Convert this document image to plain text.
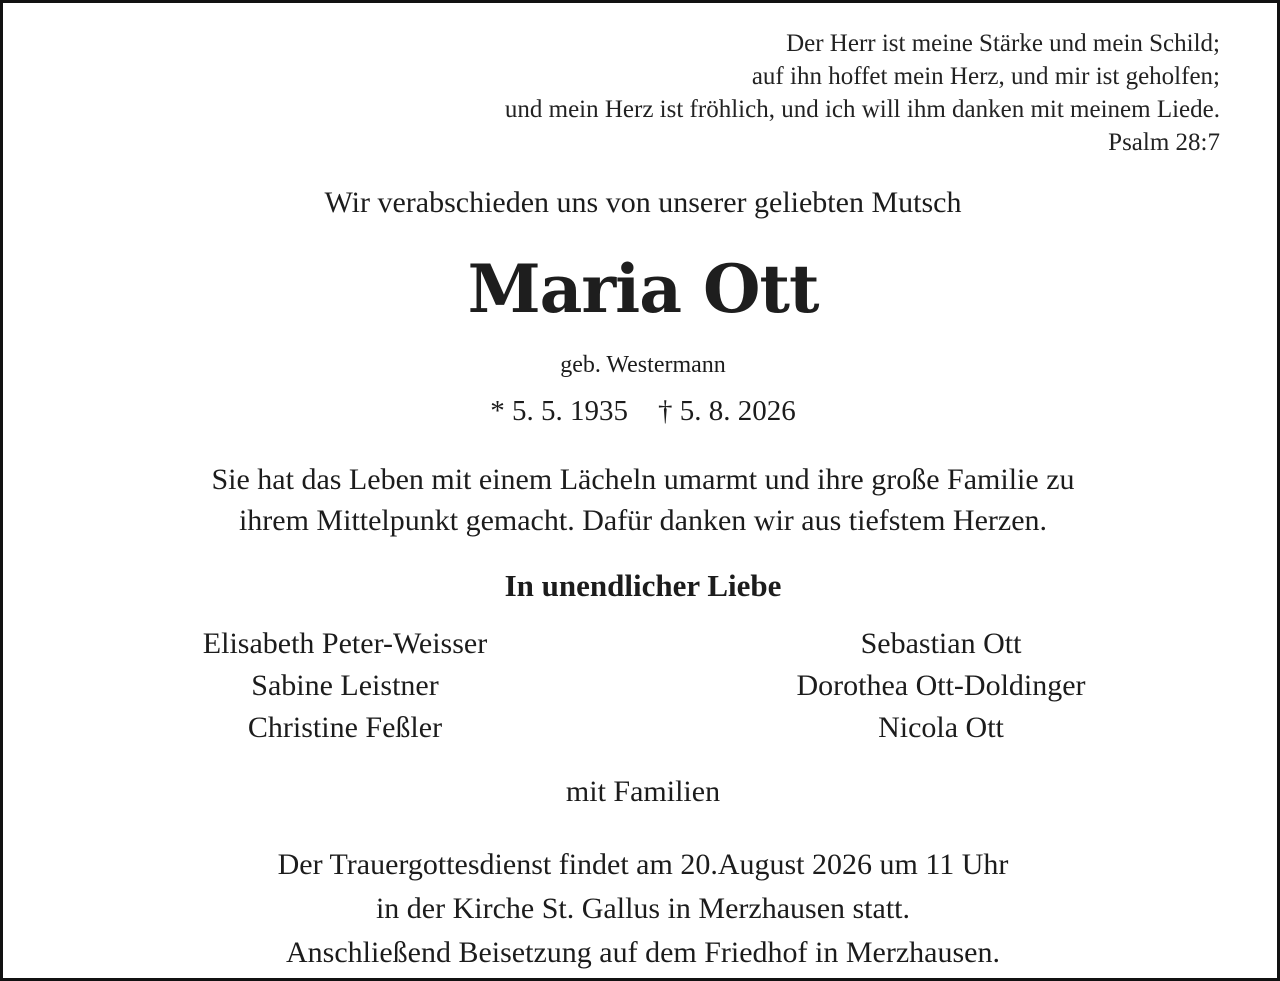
Der Herr ist meine Stärke und mein Schild;
auf ihn hoffet mein Herz, und mir ist geholfen;
und mein Herz ist fröhlich, und ich will ihm danken mit meinem Liede.
Psalm 28:7
Wir verabschieden uns von unserer geliebten Mutsch
Maria Ott
geb. Westermann
* 5. 5. 1935 † 5. 8. 2026
Sie hat das Leben mit einem Lächeln umarmt und ihre große Familie zu
ihrem Mittelpunkt gemacht. Dafür danken wir aus tiefstem Herzen.
In unendlicher Liebe
Elisabeth Peter-Weisser
Sabine Leistner
Christine Feßler
Sebastian Ott
Dorothea Ott-Doldinger
Nicola Ott
mit Familien
Der Trauergottesdienst findet am 20.August 2026 um 11 Uhr
in der Kirche St. Gallus in Merzhausen statt.
Anschließend Beisetzung auf dem Friedhof in Merzhausen.
